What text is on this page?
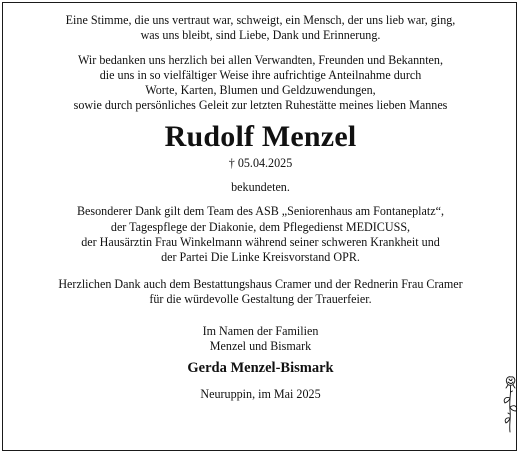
Eine Stimme, die uns vertraut war, schweigt, ein Mensch, der uns lieb war, ging,
was uns bleibt, sind Liebe, Dank und Erinnerung.

Wir bedanken uns herzlich bei allen Verwandten, Freunden und Bekannten,
die uns in so vielfältiger Weise ihre aufrichtige Anteilnahme durch
Worte, Karten, Blumen und Geldzuwendungen,
sowie durch persönliches Geleit zur letzten Ruhestätte meines lieben Mannes

Rudolf Menzel
† 05.04.2025
bekundeten.

Besonderer Dank gilt dem Team des ASB „Seniorenhaus am Fontaneplatz“,
der Tagespflege der Diakonie, dem Pflegedienst MEDICUSS,
der Hausärztin Frau Winkelmann während seiner schweren Krankheit und
der Partei Die Linke Kreisvorstand OPR.

Herzlichen Dank auch dem Bestattungshaus Cramer und der Rednerin Frau Cramer
für die würdevolle Gestaltung der Trauerfeier.

Im Namen der Familien
Menzel und Bismark

Gerda Menzel-Bismark
Neuruppin, im Mai 2025
